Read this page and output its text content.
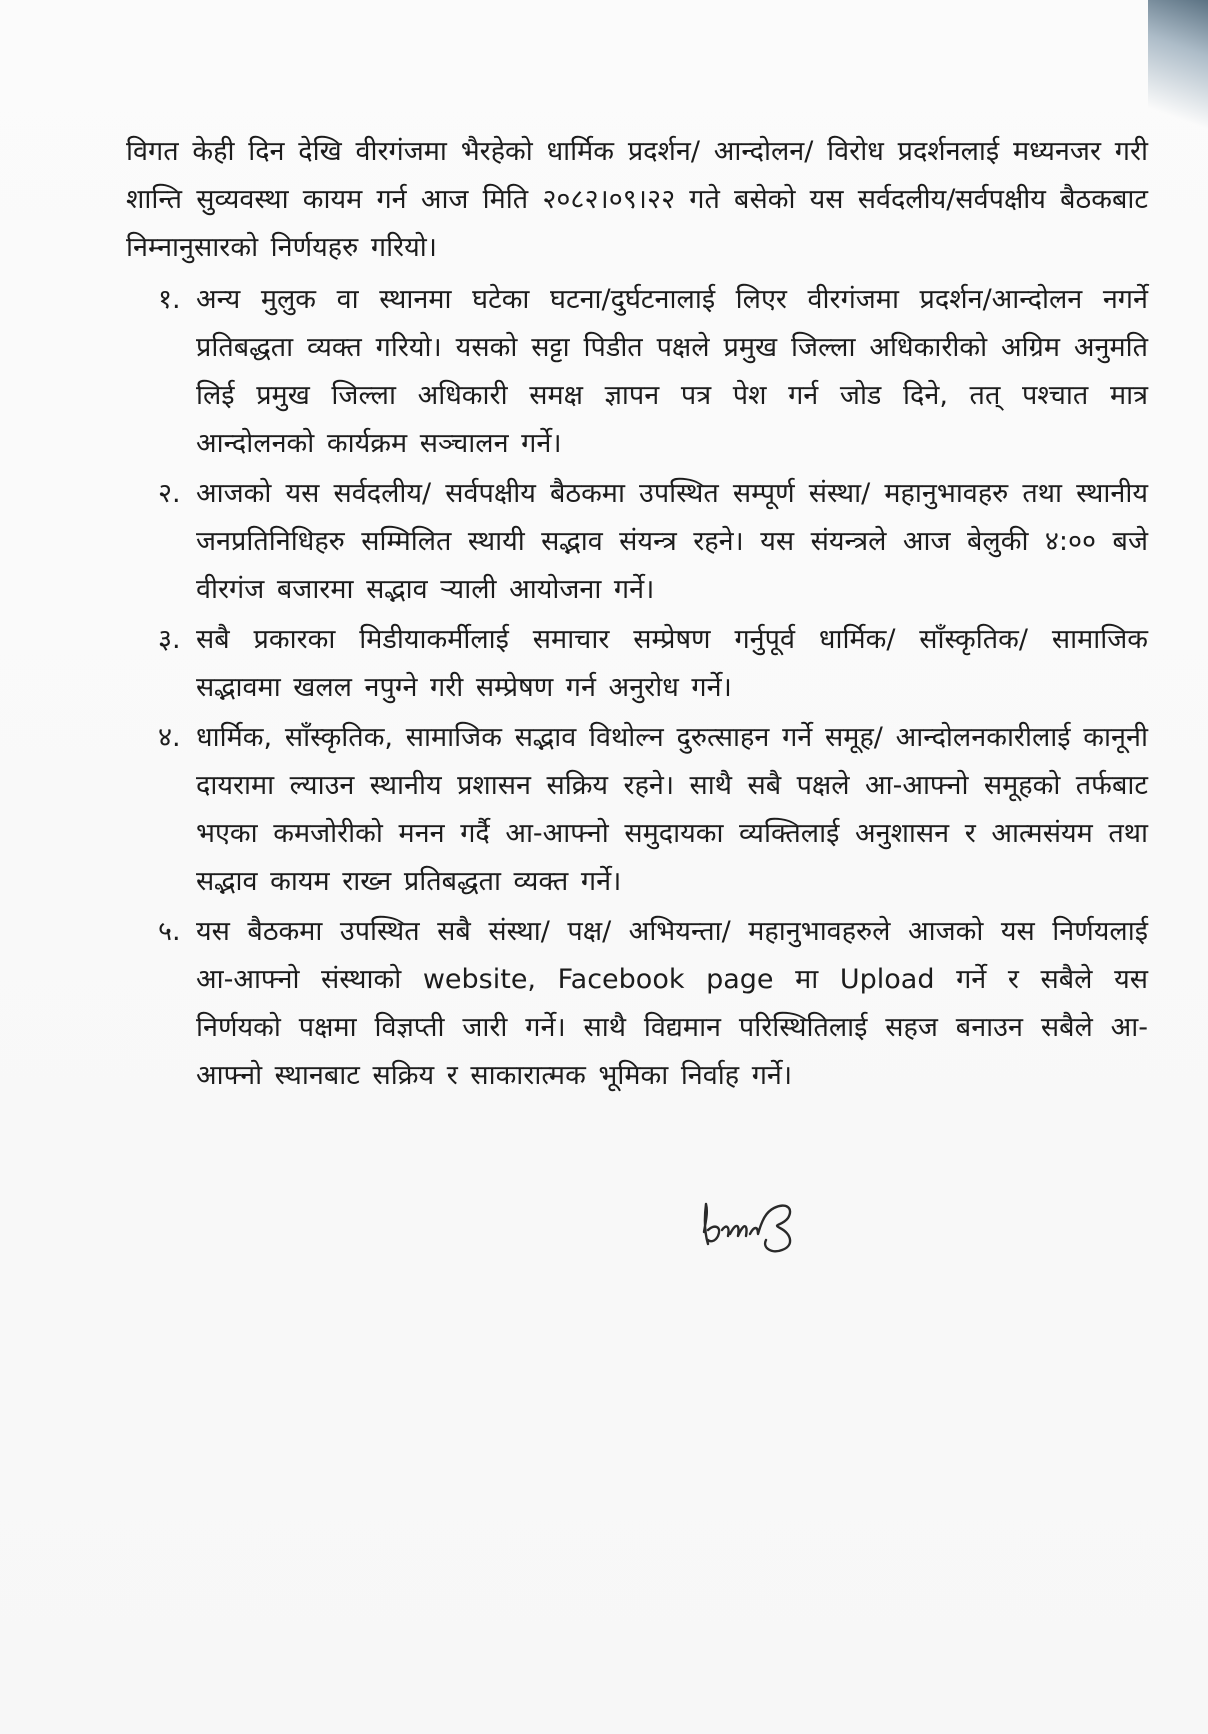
विगत केही दिन देखि वीरगंजमा भैरहेको धार्मिक प्रदर्शन/ आन्दोलन/ विरोध प्रदर्शनलाई मध्यनजर गरी शान्ति सुव्यवस्था कायम गर्न आज मिति २०८२।०९।२२ गते बसेको यस सर्वदलीय/सर्वपक्षीय बैठकबाट निम्नानुसारको निर्णयहरु गरियो।

१. अन्य मुलुक वा स्थानमा घटेका घटना/दुर्घटनालाई लिएर वीरगंजमा प्रदर्शन/आन्दोलन नगर्ने प्रतिबद्धता व्यक्त गरियो। यसको सट्टा पिडीत पक्षले प्रमुख जिल्ला अधिकारीको अग्रिम अनुमति लिई प्रमुख जिल्ला अधिकारी समक्ष ज्ञापन पत्र पेश गर्न जोड दिने, तत् पश्चात मात्र आन्दोलनको कार्यक्रम सञ्चालन गर्ने।
२. आजको यस सर्वदलीय/ सर्वपक्षीय बैठकमा उपस्थित सम्पूर्ण संस्था/ महानुभावहरु तथा स्थानीय जनप्रतिनिधिहरु सम्मिलित स्थायी सद्भाव संयन्त्र रहने। यस संयन्त्रले आज बेलुकी ४:०० बजे वीरगंज बजारमा सद्भाव र्‍याली आयोजना गर्ने।
३. सबै प्रकारका मिडीयाकर्मीलाई समाचार सम्प्रेषण गर्नुपूर्व धार्मिक/ साँस्कृतिक/ सामाजिक सद्भावमा खलल नपुग्ने गरी सम्प्रेषण गर्न अनुरोध गर्ने।
४. धार्मिक, साँस्कृतिक, सामाजिक सद्भाव विथोल्न दुरुत्साहन गर्ने समूह/ आन्दोलनकारीलाई कानूनी दायरामा ल्याउन स्थानीय प्रशासन सक्रिय रहने। साथै सबै पक्षले आ-आफ्नो समूहको तर्फबाट भएका कमजोरीको मनन गर्दै आ-आफ्नो समुदायका व्यक्तिलाई अनुशासन र आत्मसंयम तथा सद्भाव कायम राख्न प्रतिबद्धता व्यक्त गर्ने।
५. यस बैठकमा उपस्थित सबै संस्था/ पक्ष/ अभियन्ता/ महानुभावहरुले आजको यस निर्णयलाई आ-आफ्नो संस्थाको website, Facebook page मा Upload गर्ने र सबैले यस निर्णयको पक्षमा विज्ञप्ती जारी गर्ने। साथै विद्यमान परिस्थितिलाई सहज बनाउन सबैले आ-आफ्नो स्थानबाट सक्रिय र साकारात्मक भूमिका निर्वाह गर्ने।
